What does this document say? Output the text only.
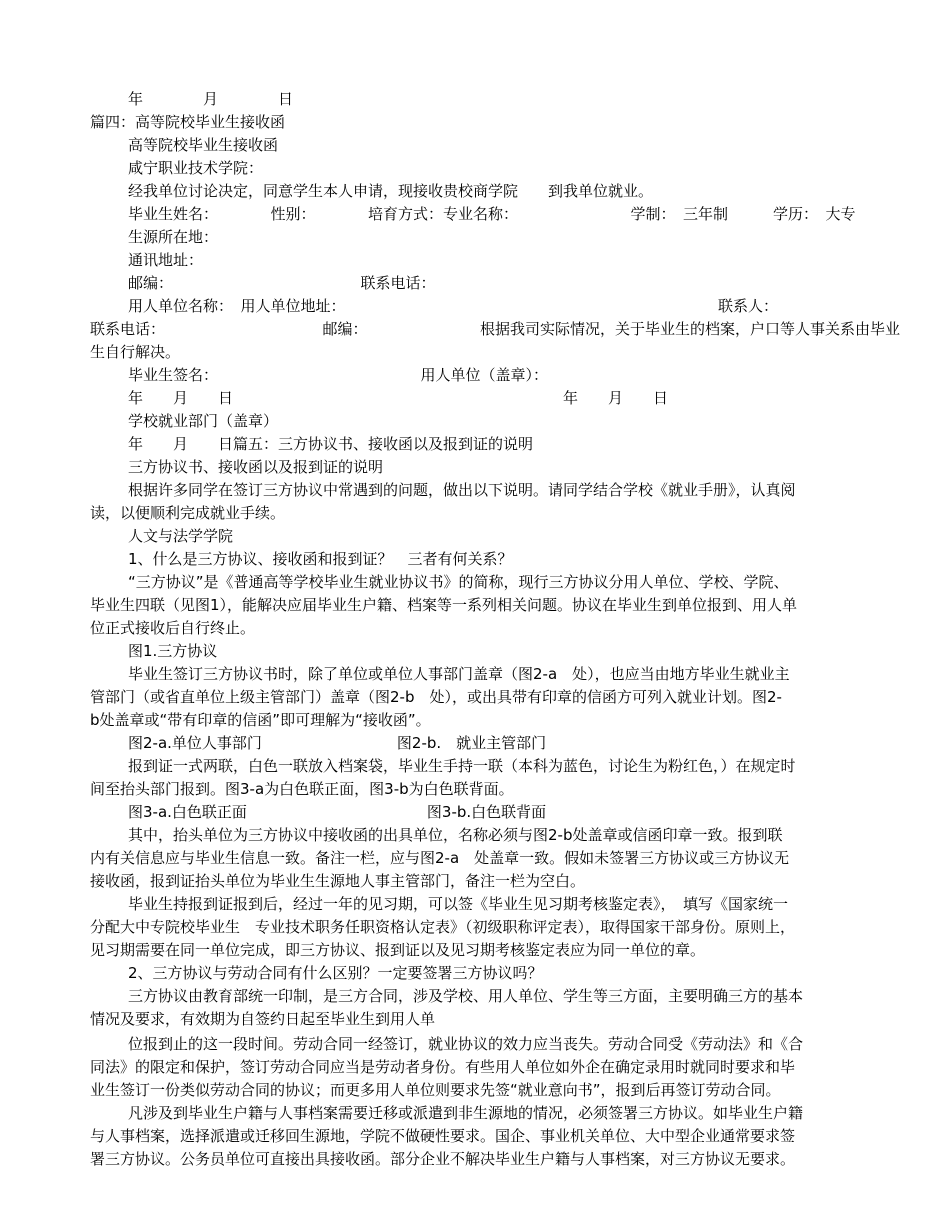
年　　　　月　　　　日
篇四：高等院校毕业生接收函
高等院校毕业生接收函
咸宁职业技术学院：
经我单位讨论决定，同意学生本人申请，现接收贵校商学院　　到我单位就业。
毕业生姓名：　　　　性别：　　　　培育方式：专业名称：　　　　　　　　学制：　三年制　　　学历：　大专
生源所在地：
通讯地址：
邮编：　　　　　　　　　　　　　联系电话：
用人单位名称：　用人单位地址：	联系人：
联系电话：　　　　　　　　　　　邮编：　　　　　　　　根据我司实际情况，关于毕业生的档案，户口等人事关系由毕业
生自行解决。
毕业生签名：　　　　　　　　　　　　　　用人单位（盖章）：
年　　月　　日　　　　　　　　　　　　　　　　　　　　　　年　　月　　日
学校就业部门（盖章）
年　　月　　日篇五：三方协议书、接收函以及报到证的说明
三方协议书、接收函以及报到证的说明
根据许多同学在签订三方协议中常遇到的问题，做出以下说明。请同学结合学校《就业手册》，认真阅
读，以便顺利完成就业手续。
人文与法学学院
1、什么是三方协议、接收函和报到证？　三者有何关系？
“三方协议”是《普通高等学校毕业生就业协议书》的简称，现行三方协议分用人单位、学校、学院、
毕业生四联（见图1），能解决应届毕业生户籍、档案等一系列相关问题。协议在毕业生到单位报到、用人单
位正式接收后自行终止。
图1.三方协议
毕业生签订三方协议书时，除了单位或单位人事部门盖章（图2-a　处），也应当由地方毕业生就业主
管部门（或省直单位上级主管部门）盖章（图2-b　处），或出具带有印章的信函方可列入就业计划。图2-
b处盖章或“带有印章的信函”即可理解为“接收函”。
图2-a.单位人事部门　　　　　　　　　图2-b.　就业主管部门
报到证一式两联，白色一联放入档案袋，毕业生手持一联（本科为蓝色，讨论生为粉红色，）在规定时
间至抬头部门报到。图3-a为白色联正面，图3-b为白色联背面。
图3-a.白色联正面　　　　　　　　　　　　图3-b.白色联背面
其中，抬头单位为三方协议中接收函的出具单位，名称必须与图2-b处盖章或信函印章一致。报到联
内有关信息应与毕业生信息一致。备注一栏，应与图2-a　处盖章一致。假如未签署三方协议或三方协议无
接收函，报到证抬头单位为毕业生生源地人事主管部门，备注一栏为空白。
毕业生持报到证报到后，经过一年的见习期，可以签《毕业生见习期考核鉴定表》，　填写《国家统一
分配大中专院校毕业生　专业技术职务任职资格认定表》（初级职称评定表），取得国家干部身份。原则上，
见习期需要在同一单位完成，即三方协议、报到证以及见习期考核鉴定表应为同一单位的章。
2、三方协议与劳动合同有什么区别？一定要签署三方协议吗？
三方协议由教育部统一印制，是三方合同，涉及学校、用人单位、学生等三方面，主要明确三方的基本
情况及要求，有效期为自签约日起至毕业生到用人单
位报到止的这一段时间。劳动合同一经签订，就业协议的效力应当丧失。劳动合同受《劳动法》和《合
同法》的限定和保护，签订劳动合同应当是劳动者身份。有些用人单位如外企在确定录用时就同时要求和毕
业生签订一份类似劳动合同的协议；而更多用人单位则要求先签“就业意向书”，报到后再签订劳动合同。
凡涉及到毕业生户籍与人事档案需要迁移或派遣到非生源地的情况，必须签署三方协议。如毕业生户籍
与人事档案，选择派遣或迁移回生源地，学院不做硬性要求。国企、事业机关单位、大中型企业通常要求签
署三方协议。公务员单位可直接出具接收函。部分企业不解决毕业生户籍与人事档案，对三方协议无要求。
